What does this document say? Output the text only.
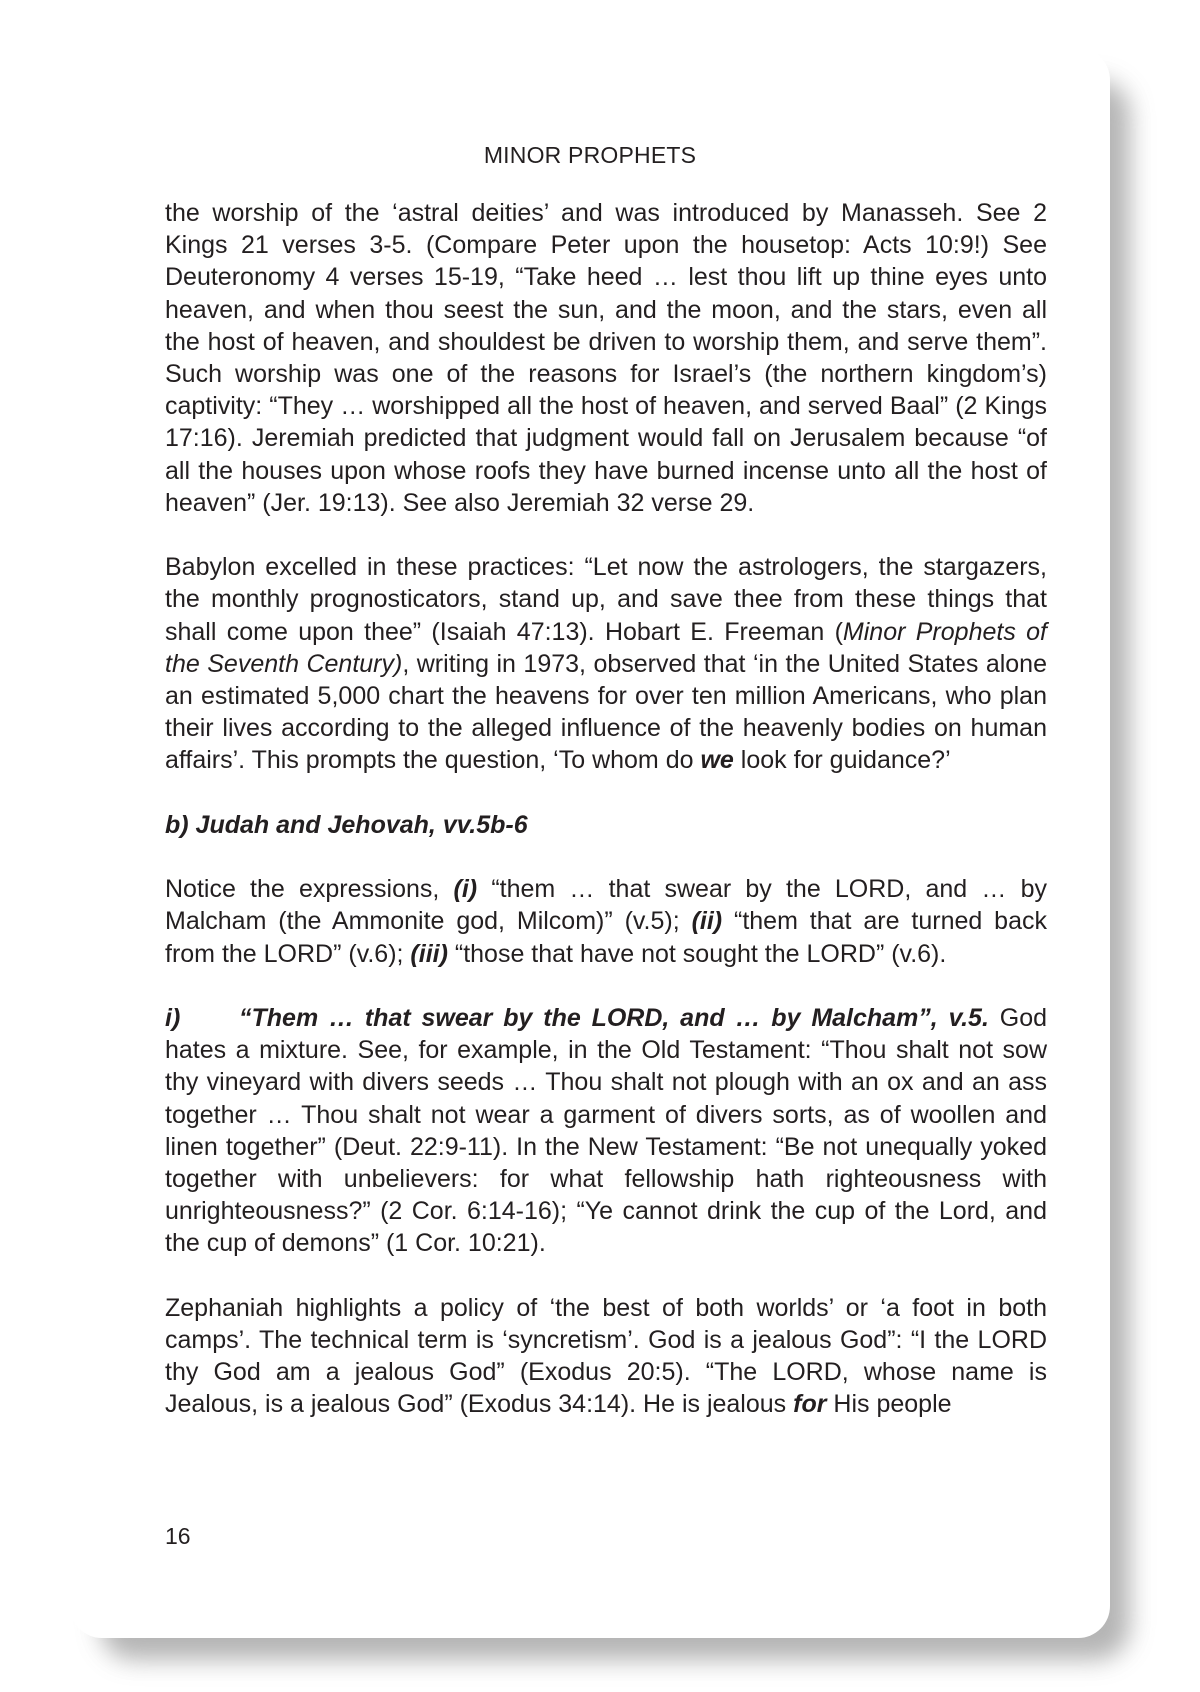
MINOR PROPHETS

the worship of the ‘astral deities’ and was introduced by Manasseh. See 2 Kings 21 verses 3-5. (Compare Peter upon the housetop: Acts 10:9!) See Deuteronomy 4 verses 15-19, “Take heed … lest thou lift up thine eyes unto heaven, and when thou seest the sun, and the moon, and the stars, even all the host of heaven, and shouldest be driven to worship them, and serve them”. Such worship was one of the reasons for Israel’s (the northern kingdom’s) captivity: “They … worshipped all the host of heaven, and served Baal” (2 Kings 17:16). Jeremiah predicted that judgment would fall on Jerusalem because “of all the houses upon whose roofs they have burned incense unto all the host of heaven” (Jer. 19:13). See also Jeremiah 32 verse 29.

Babylon excelled in these practices: “Let now the astrologers, the stargazers, the monthly prognosticators, stand up, and save thee from these things that shall come upon thee” (Isaiah 47:13). Hobart E. Freeman (Minor Prophets of the Seventh Century), writing in 1973, observed that ‘in the United States alone an estimated 5,000 chart the heavens for over ten million Americans, who plan their lives according to the alleged influence of the heavenly bodies on human affairs’. This prompts the question, ‘To whom do we look for guidance?’

b) Judah and Jehovah, vv.5b-6

Notice the expressions, (i) “them … that swear by the LORD, and … by Malcham (the Ammonite god, Milcom)” (v.5); (ii) “them that are turned back from the LORD” (v.6); (iii) “those that have not sought the LORD” (v.6).

i) “Them … that swear by the LORD, and … by Malcham”, v.5. God hates a mixture. See, for example, in the Old Testament: “Thou shalt not sow thy vineyard with divers seeds … Thou shalt not plough with an ox and an ass together … Thou shalt not wear a garment of divers sorts, as of woollen and linen together” (Deut. 22:9-11). In the New Testament: “Be not unequally yoked together with unbelievers: for what fellowship hath righteousness with unrighteousness?” (2 Cor. 6:14-16); “Ye cannot drink the cup of the Lord, and the cup of demons” (1 Cor. 10:21).

Zephaniah highlights a policy of ‘the best of both worlds’ or ‘a foot in both camps’. The technical term is ‘syncretism’. God is a jealous God”: “I the LORD thy God am a jealous God” (Exodus 20:5). “The LORD, whose name is Jealous, is a jealous God” (Exodus 34:14). He is jealous for His people

16
